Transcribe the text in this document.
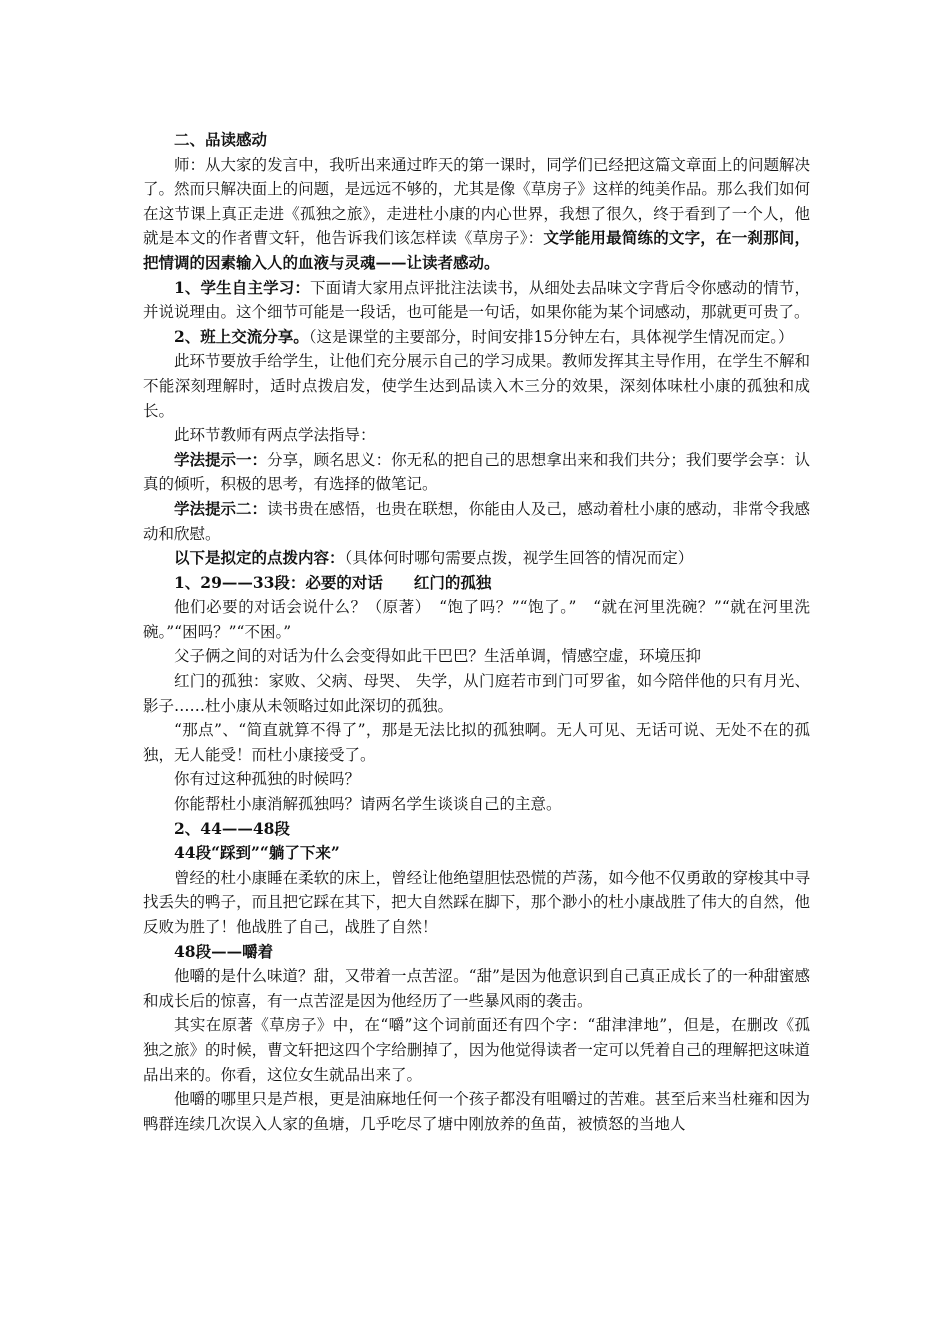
二、品读感动

师：从大家的发言中，我听出来通过昨天的第一课时，同学们已经把这篇文章面上的问题解决了。然而只解决面上的问题，是远远不够的，尤其是像《草房子》这样的纯美作品。那么我们如何在这节课上真正走进《孤独之旅》，走进杜小康的内心世界，我想了很久，终于看到了一个人，他就是本文的作者曹文轩，他告诉我们该怎样读《草房子》：文学能用最简练的文字，在一刹那间，把情调的因素输入人的血液与灵魂——让读者感动。

1、学生自主学习：下面请大家用点评批注法读书，从细处去品味文字背后令你感动的情节，并说说理由。这个细节可能是一段话，也可能是一句话，如果你能为某个词感动，那就更可贵了。

2、班上交流分享。（这是课堂的主要部分，时间安排15分钟左右，具体视学生情况而定。）

此环节要放手给学生，让他们充分展示自己的学习成果。教师发挥其主导作用，在学生不解和不能深刻理解时，适时点拨启发，使学生达到品读入木三分的效果，深刻体味杜小康的孤独和成长。

此环节教师有两点学法指导：

学法提示一：分享，顾名思义：你无私的把自己的思想拿出来和我们共分；我们要学会享：认真的倾听，积极的思考，有选择的做笔记。

学法提示二：读书贵在感悟，也贵在联想，你能由人及己，感动着杜小康的感动，非常令我感动和欣慰。

以下是拟定的点拨内容：（具体何时哪句需要点拨，视学生回答的情况而定）

1、29——33段：必要的对话　　红门的孤独

他们必要的对话会说什么？（原著）　“饱了吗？”“饱了。”　“就在河里洗碗？”“就在河里洗碗。”“困吗？”“不困。”

父子俩之间的对话为什么会变得如此干巴巴？生活单调，情感空虚，环境压抑

红门的孤独：家败、父病、母哭、 失学，从门庭若市到门可罗雀，如今陪伴他的只有月光、影子……杜小康从未领略过如此深切的孤独。

“那点”、“简直就算不得了”，那是无法比拟的孤独啊。无人可见、无话可说、无处不在的孤独，无人能受！而杜小康接受了。

你有过这种孤独的时候吗？

你能帮杜小康消解孤独吗？请两名学生谈谈自己的主意。

2、44——48段

44段“踩到”“躺了下来”

曾经的杜小康睡在柔软的床上，曾经让他绝望胆怯恐慌的芦荡，如今他不仅勇敢的穿梭其中寻找丢失的鸭子，而且把它踩在其下，把大自然踩在脚下，那个渺小的杜小康战胜了伟大的自然，他反败为胜了！他战胜了自己，战胜了自然！

48段——嚼着

他嚼的是什么味道？甜，又带着一点苦涩。“甜”是因为他意识到自己真正成长了的一种甜蜜感和成长后的惊喜，有一点苦涩是因为他经历了一些暴风雨的袭击。

其实在原著《草房子》中，在“嚼”这个词前面还有四个字：“甜津津地”，但是，在删改《孤独之旅》的时候，曹文轩把这四个字给删掉了，因为他觉得读者一定可以凭着自己的理解把这味道品出来的。你看，这位女生就品出来了。

他嚼的哪里只是芦根，更是油麻地任何一个孩子都没有咀嚼过的苦难。甚至后来当杜雍和因为鸭群连续几次误入人家的鱼塘，几乎吃尽了塘中刚放养的鱼苗，被愤怒的当地人
